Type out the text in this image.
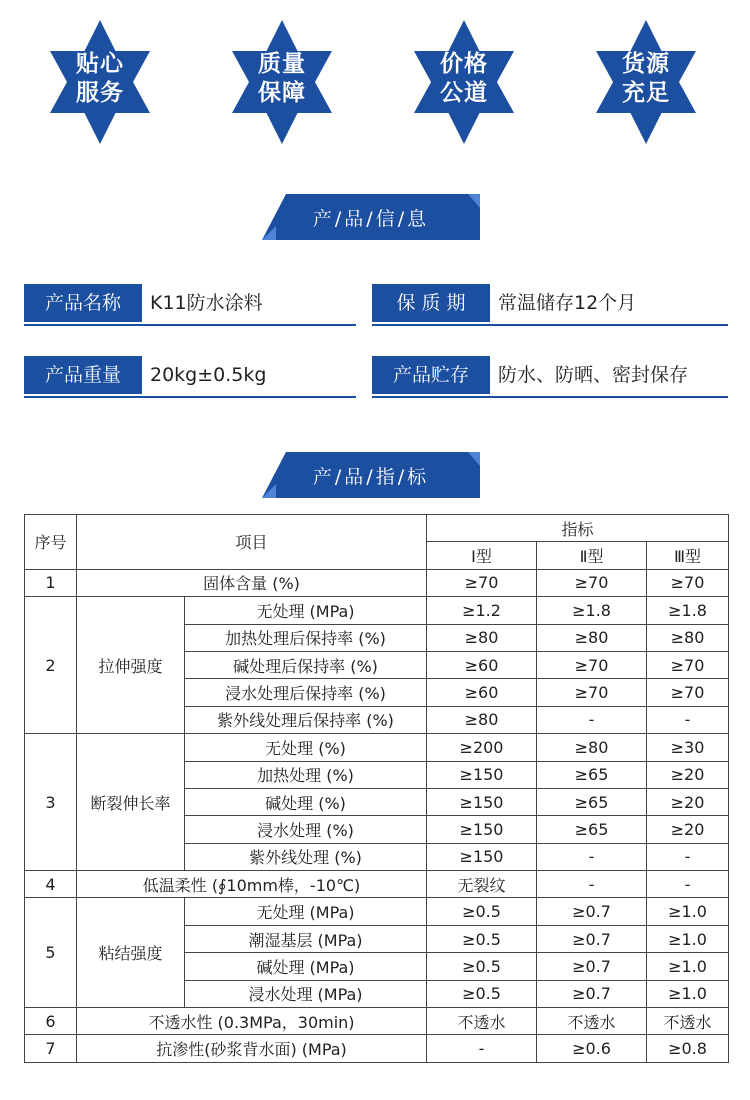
贴心
服务
质量
保障
价格
公道
货源
充足
产/品/信/息
产品名称	K11防水涂料	保 质 期	常温储存12个月
产品重量	20kg±0.5kg	产品贮存	防水、防晒、密封保存
产/品/指/标
序号	项目		指标		
			Ⅰ型	Ⅱ型	Ⅲ型
1	固体含量 (%)		≥70	≥70	≥70
2	拉伸强度	无处理 (MPa)	≥1.2	≥1.8	≥1.8
		加热处理后保持率 (%)	≥80	≥80	≥80
		碱处理后保持率 (%)	≥60	≥70	≥70
		浸水处理后保持率 (%)	≥60	≥70	≥70
		紫外线处理后保持率 (%)	≥80	-	-
3	断裂伸长率	无处理 (%)	≥200	≥80	≥30
		加热处理 (%)	≥150	≥65	≥20
		碱处理 (%)	≥150	≥65	≥20
		浸水处理 (%)	≥150	≥65	≥20
		紫外线处理 (%)	≥150	-	-
4	低温柔性 (∮10mm棒，-10℃)		无裂纹	-	-
5	粘结强度	无处理 (MPa)	≥0.5	≥0.7	≥1.0
		潮湿基层 (MPa)	≥0.5	≥0.7	≥1.0
		碱处理 (MPa)	≥0.5	≥0.7	≥1.0
		浸水处理 (MPa)	≥0.5	≥0.7	≥1.0
6	不透水性 (0.3MPa，30min)		不透水	不透水	不透水
7	抗渗性(砂浆背水面) (MPa)		-	≥0.6	≥0.8
